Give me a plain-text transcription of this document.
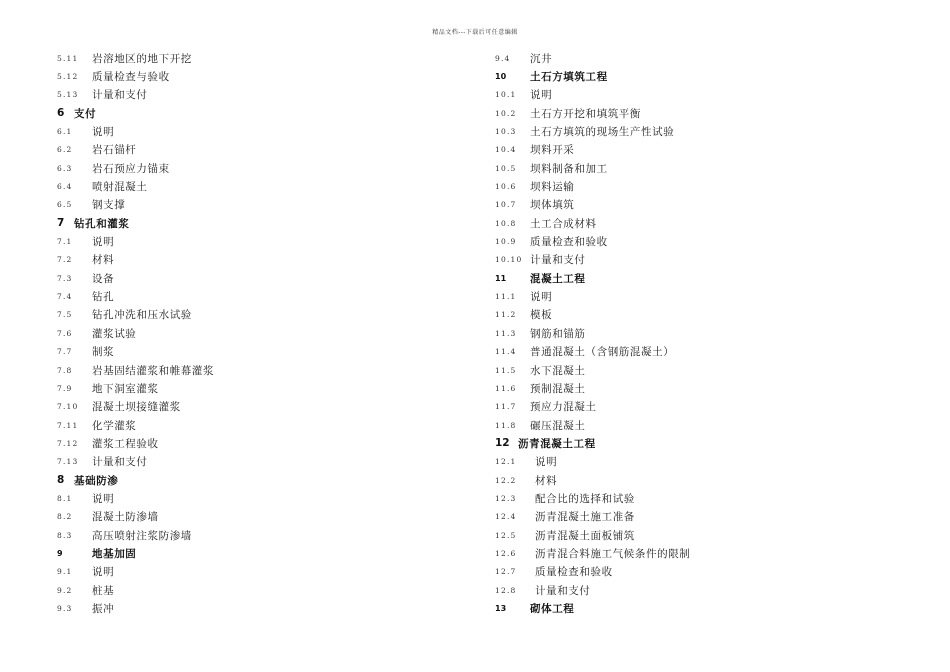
精品文档---下载后可任意编辑
5.11	岩溶地区的地下开挖
5.12	质量检查与验收
5.13	计量和支付
6 支付
6.1	说明
6.2	岩石锚杆
6.3	岩石预应力锚束
6.4	喷射混凝土
6.5	钢支撑
7 钻孔和灌浆
7.1	说明
7.2	材料
7.3	设备
7.4	钻孔
7.5	钻孔冲洗和压水试验
7.6	灌浆试验
7.7	制浆
7.8	岩基固结灌浆和帷幕灌浆
7.9	地下洞室灌浆
7.10	混凝土坝接缝灌浆
7.11	化学灌浆
7.12	灌浆工程验收
7.13	计量和支付
8 基础防渗
8.1	说明
8.2	混凝土防渗墙
8.3	高压喷射注浆防渗墙
9	地基加固
9.1	说明
9.2	桩基
9.3	振冲
9.4	沉井
10	土石方填筑工程
10.1	说明
10.2	土石方开挖和填筑平衡
10.3	土石方填筑的现场生产性试验
10.4	坝料开采
10.5	坝料制备和加工
10.6	坝料运输
10.7	坝体填筑
10.8	土工合成材料
10.9	质量检查和验收
10.10 计量和支付
11	混凝土工程
11.1	说明
11.2	模板
11.3	钢筋和锚筋
11.4	普通混凝土（含钢筋混凝土）
11.5	水下混凝土
11.6	预制混凝土
11.7	预应力混凝土
11.8	碾压混凝土
12 沥青混凝土工程
12.1	说明
12.2	材料
12.3	配合比的选择和试验
12.4	沥青混凝土施工准备
12.5	沥青混凝土面板铺筑
12.6	沥青混合料施工气候条件的限制
12.7	质量检查和验收
12.8	计量和支付
13	砌体工程
